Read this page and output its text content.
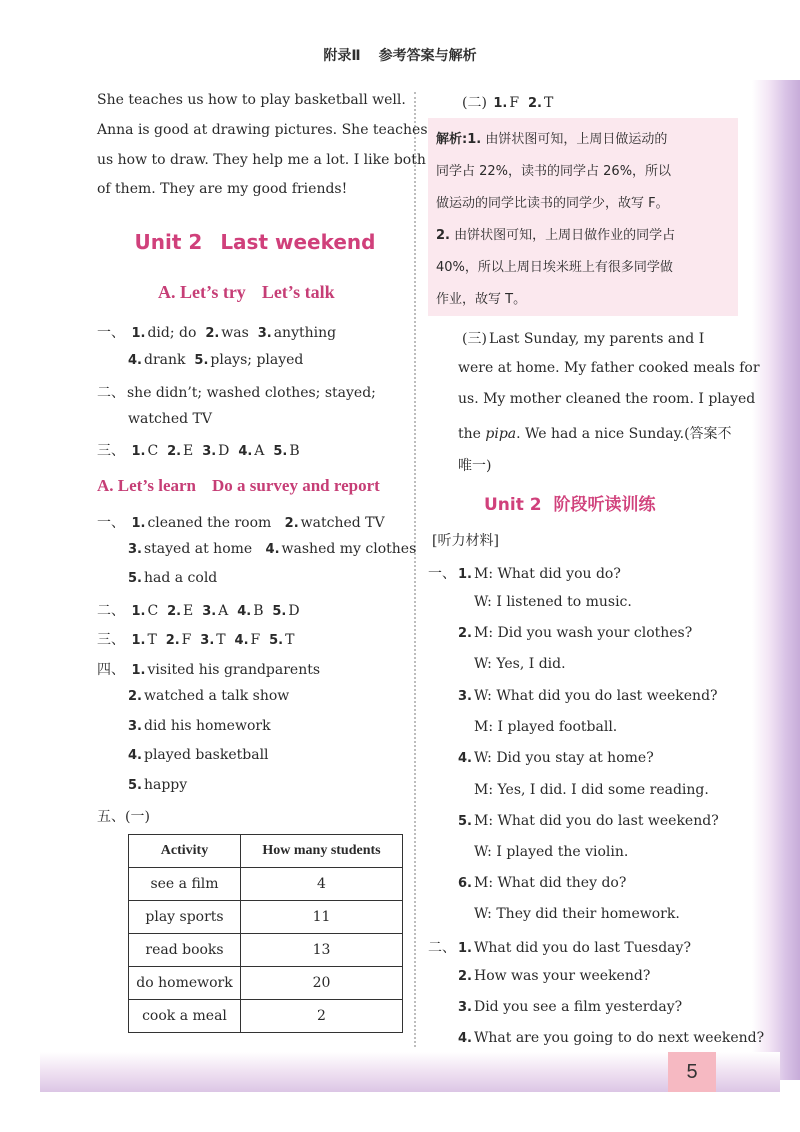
附录Ⅱ 参考答案与解析
She teaches us how to play basketball well.
Anna is good at drawing pictures. She teaches
us how to draw. They help me a lot. I like both
of them. They are my good friends!
Unit 2 Last weekend
A. Let’s try Let’s talk
一、 1. did; do 2. was 3. anything
4. drank 5. plays; played
二、 she didn’t; washed clothes; stayed;
watched TV
三、 1. C 2. E 3. D 4. A 5. B
A. Let’s learn Do a survey and report
一、 1. cleaned the room 2. watched TV
3. stayed at home 4. washed my clothes
5. had a cold
二、 1. C 2. E 3. A 4. B 5. D
三、 1. T 2. F 3. T 4. F 5. T
四、 1. visited his grandparents
2. watched a talk show
3. did his homework
4. played basketball
5. happy
五、(一)
Activity	How many students
see a film	4
play sports	11
read books	13
do homework	20
cook a meal	2
(二) 1. F 2. T
解析:1. 由饼状图可知，上周日做运动的
同学占 22%，读书的同学占 26%，所以
做运动的同学比读书的同学少，故写 F。
2. 由饼状图可知，上周日做作业的同学占
40%，所以上周日埃米班上有很多同学做
作业，故写 T。
(三) Last Sunday, my parents and I
were at home. My father cooked meals for
us. My mother cleaned the room. I played
the pipa. We had a nice Sunday.(答案不
唯一)
Unit 2 阶段听读训练
[听力材料]
一、 1. M: What did you do?
W: I listened to music.
2. M: Did you wash your clothes?
W: Yes, I did.
3. W: What did you do last weekend?
M: I played football.
4. W: Did you stay at home?
M: Yes, I did. I did some reading.
5. M: What did you do last weekend?
W: I played the violin.
6. M: What did they do?
W: They did their homework.
二、 1. What did you do last Tuesday?
2. How was your weekend?
3. Did you see a film yesterday?
4. What are you going to do next weekend?
5
